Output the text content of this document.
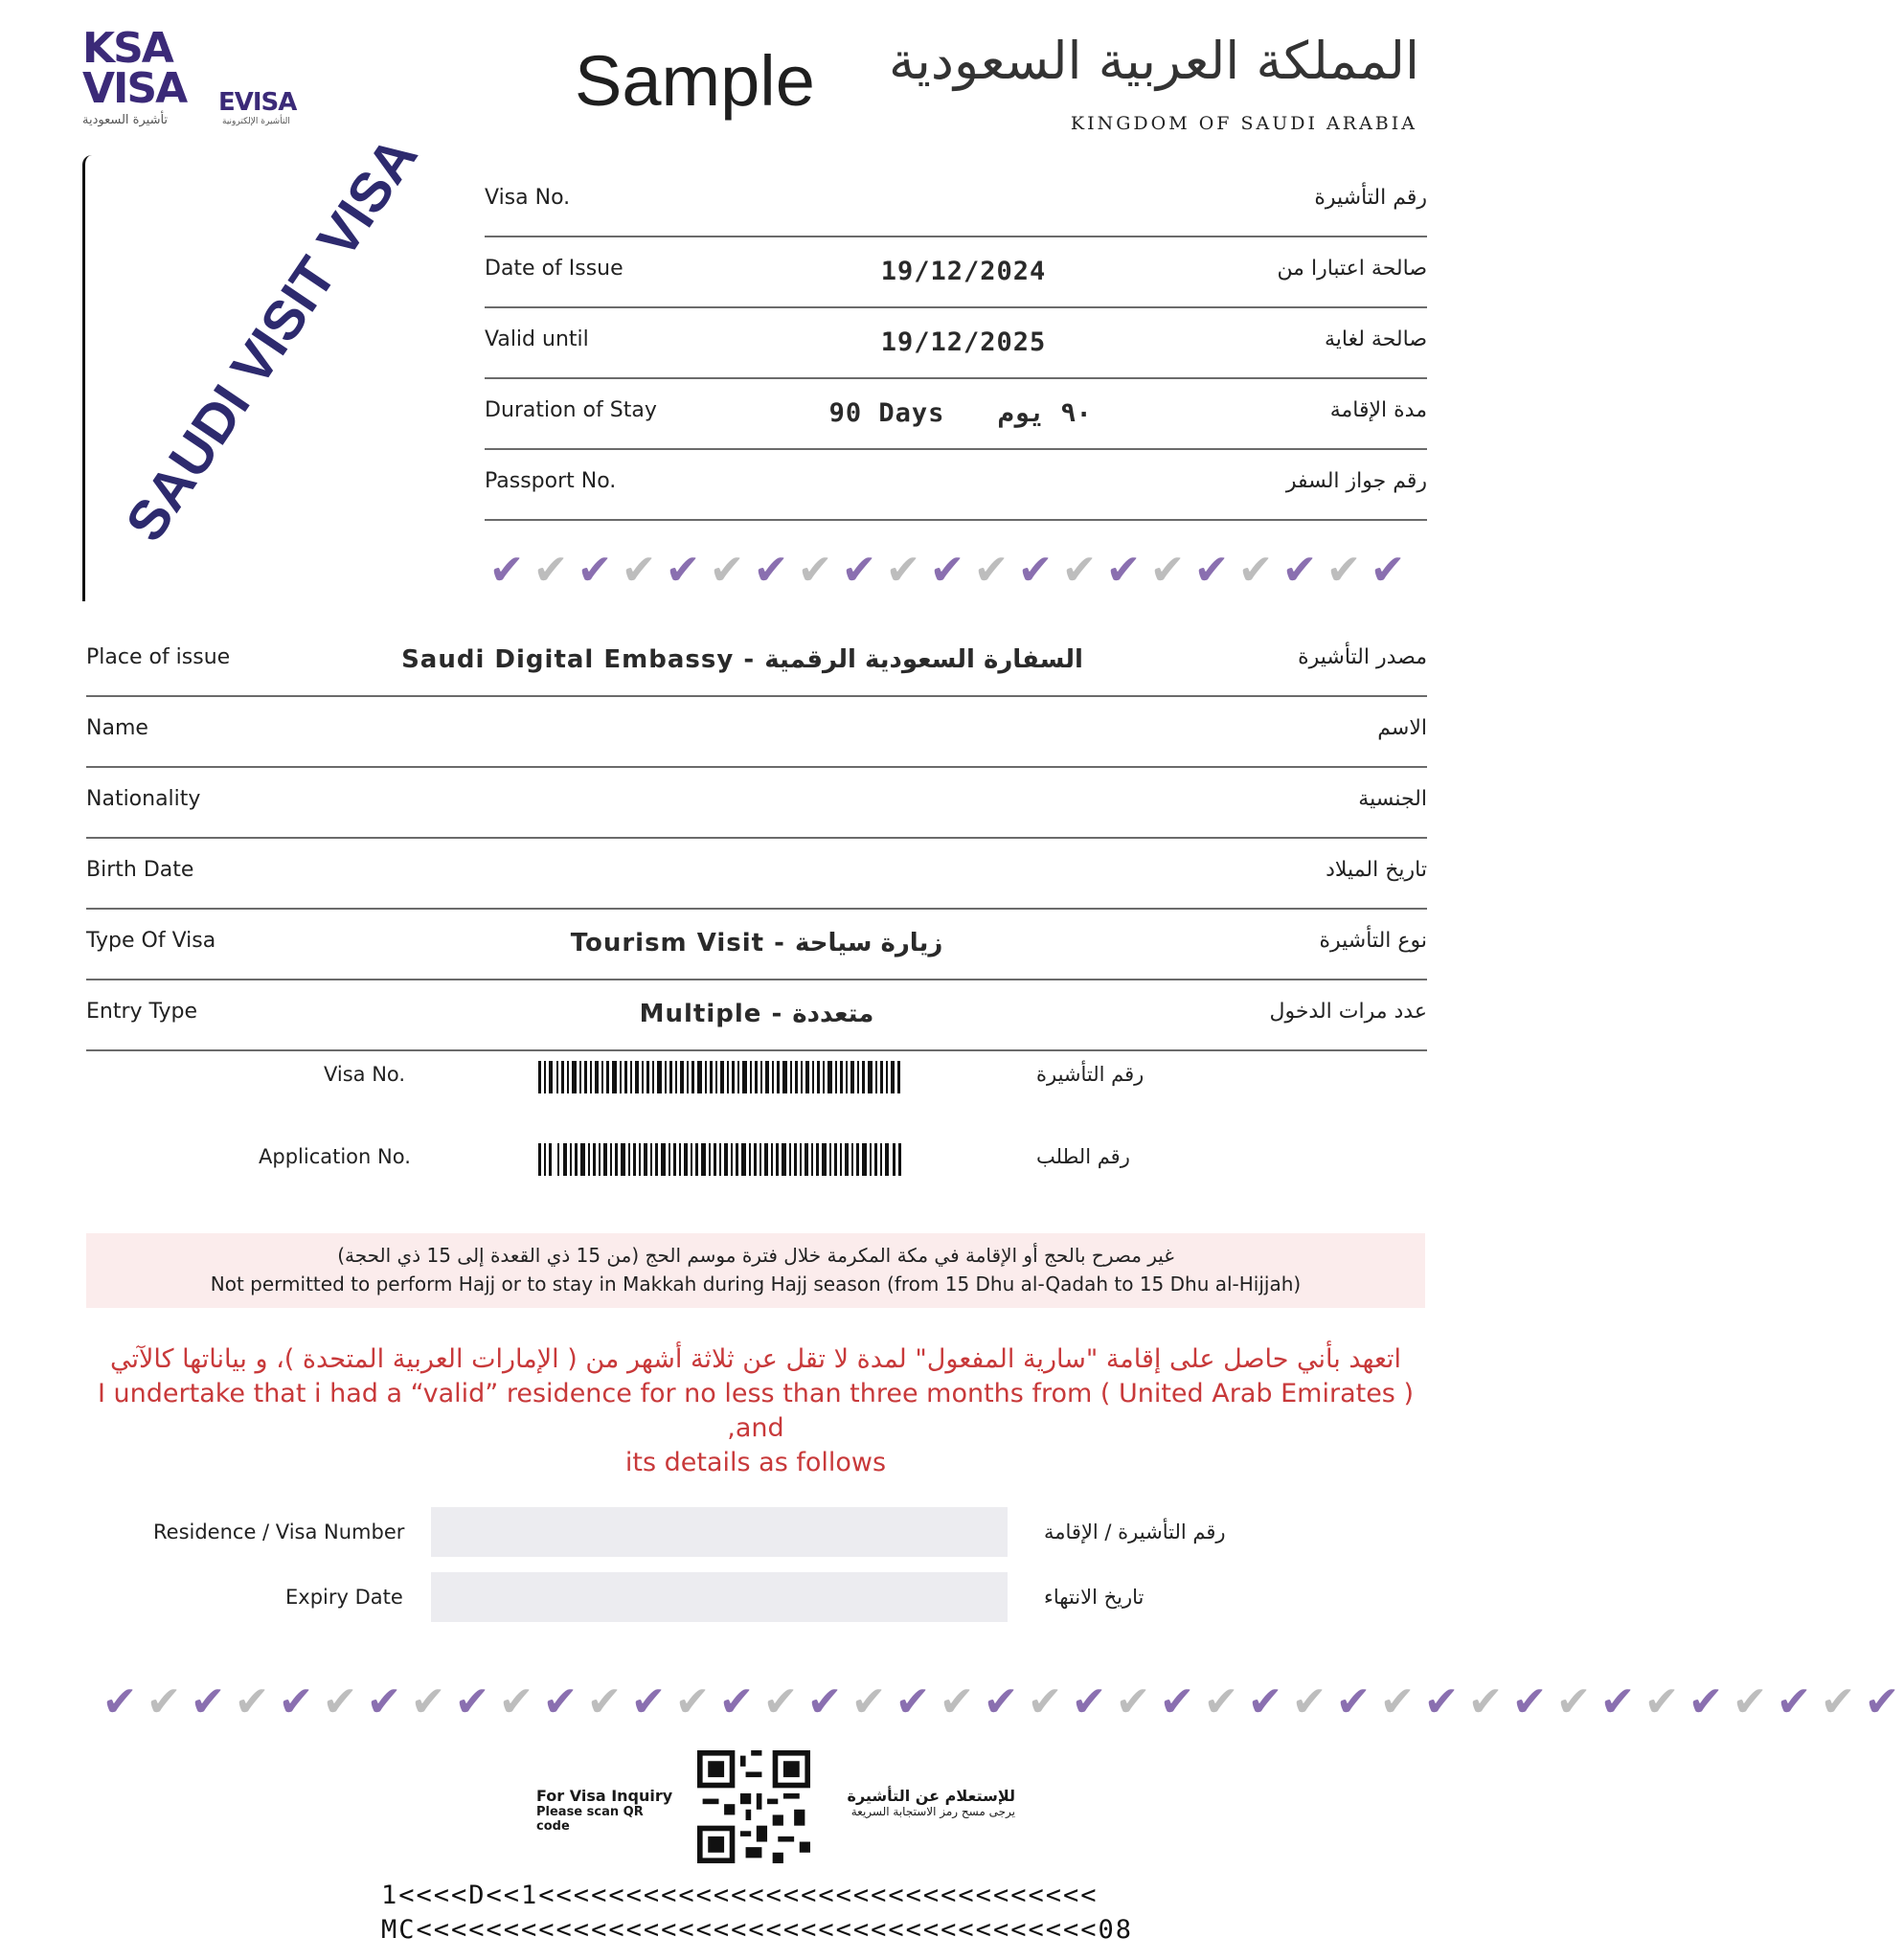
KSA
VISA
تأشيرة السعودية
EVISA
التأشيرة الإلكترونية
Sample المملكة العربية السعودية
KINGDOM OF SAUDI ARABIA
SAUDI VISIT VISA	Visa No.	رقم التأشيرة
Date of Issue	19/12/2024	صالحة اعتبارا من
Valid until	19/12/2025	صالحة لغاية
Duration of Stay	90 Days	٩٠ يوم	مدة الإقامة
Passport No.	رقم جواز السفر
✔ ✔ ✔ ✔ ✔ ✔ ✔ ✔ ✔ ✔ ✔ ✔ ✔ ✔ ✔ ✔ ✔ ✔ ✔ ✔ ✔
Place of issue	Saudi Digital Embassy - السفارة السعودية الرقمية	مصدر التأشيرة
Name	الاسم
Nationality	الجنسية
Birth Date	تاريخ الميلاد
Type Of Visa	Tourism Visit - زيارة سياحة	نوع التأشيرة
Entry Type	Multiple - متعددة	عدد مرات الدخول
Visa No.	رقم التأشيرة
Application No.	رقم الطلب
غير مصرح بالحج أو الإقامة في مكة المكرمة خلال فترة موسم الحج (من 15 ذي القعدة إلى 15 ذي الحجة)
Not permitted to perform Hajj or to stay in Makkah during Hajj season (from 15 Dhu al-Qadah to 15 Dhu al-Hijjah)
اتعهد بأني حاصل على إقامة "سارية المفعول" لمدة لا تقل عن ثلاثة أشهر من ( الإمارات العربية المتحدة )، و بياناتها كالآتي
I undertake that i had a “valid” residence for no less than three months from ( United Arab Emirates ) ,and
its details as follows
Residence / Visa Number	رقم التأشيرة / الإقامة
Expiry Date	تاريخ الانتهاء
✔ ✔ ✔ ✔ ✔ ✔ ✔ ✔ ✔ ✔ ✔ ✔ ✔ ✔ ✔ ✔ ✔ ✔ ✔ ✔ ✔ ✔ ✔ ✔ ✔ ✔ ✔ ✔ ✔ ✔ ✔ ✔ ✔ ✔ ✔ ✔ ✔ ✔ ✔ ✔ ✔
For Visa Inquiry
Please scan QR code
للإستعلام عن التأشيرة
يرجى مسح رمز الاستجابة السريعة
1<<<<D<<1<<<<<<<<<<<<<<<<<<<<<<<<<<<<<<<<
MC<<<<<<<<<<<<<<<<<<<<<<<<<<<<<<<<<<<<<<<08
